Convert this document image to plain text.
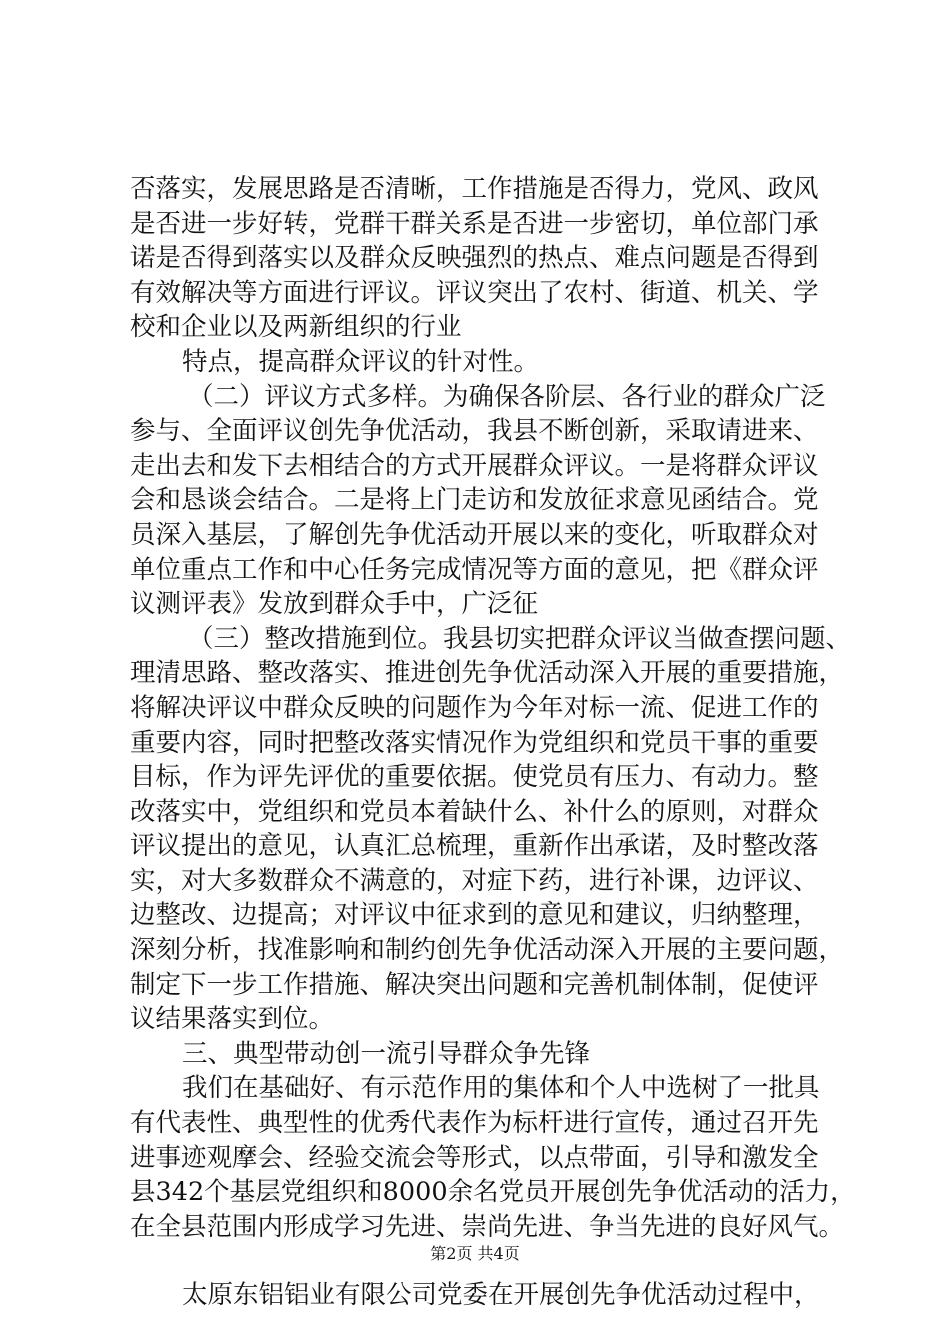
否落实，发展思路是否清晰，工作措施是否得力，党风、政风
是否进一步好转，党群干群关系是否进一步密切，单位部门承
诺是否得到落实以及群众反映强烈的热点、难点问题是否得到
有效解决等方面进行评议。评议突出了农村、街道、机关、学
校和企业以及两新组织的行业
特点，提高群众评议的针对性。
（二）评议方式多样。为确保各阶层、各行业的群众广泛
参与、全面评议创先争优活动，我县不断创新，采取请进来、
走出去和发下去相结合的方式开展群众评议。一是将群众评议
会和恳谈会结合。二是将上门走访和发放征求意见函结合。党
员深入基层，了解创先争优活动开展以来的变化，听取群众对
单位重点工作和中心任务完成情况等方面的意见，把《群众评
议测评表》发放到群众手中，广泛征
（三）整改措施到位。我县切实把群众评议当做查摆问题、
理清思路、整改落实、推进创先争优活动深入开展的重要措施，
将解决评议中群众反映的问题作为今年对标一流、促进工作的
重要内容，同时把整改落实情况作为党组织和党员干事的重要
目标，作为评先评优的重要依据。使党员有压力、有动力。整
改落实中，党组织和党员本着缺什么、补什么的原则，对群众
评议提出的意见，认真汇总梳理，重新作出承诺，及时整改落
实，对大多数群众不满意的，对症下药，进行补课，边评议、
边整改、边提高；对评议中征求到的意见和建议，归纳整理，
深刻分析，找准影响和制约创先争优活动深入开展的主要问题，
制定下一步工作措施、解决突出问题和完善机制体制，促使评
议结果落实到位。
三、典型带动创一流引导群众争先锋
我们在基础好、有示范作用的集体和个人中选树了一批具
有代表性、典型性的优秀代表作为标杆进行宣传，通过召开先
进事迹观摩会、经验交流会等形式，以点带面，引导和激发全
县342个基层党组织和8000余名党员开展创先争优活动的活力，
在全县范围内形成学习先进、崇尚先进、争当先进的良好风气。
太原东铝铝业有限公司党委在开展创先争优活动过程中，
第2页 共4页
